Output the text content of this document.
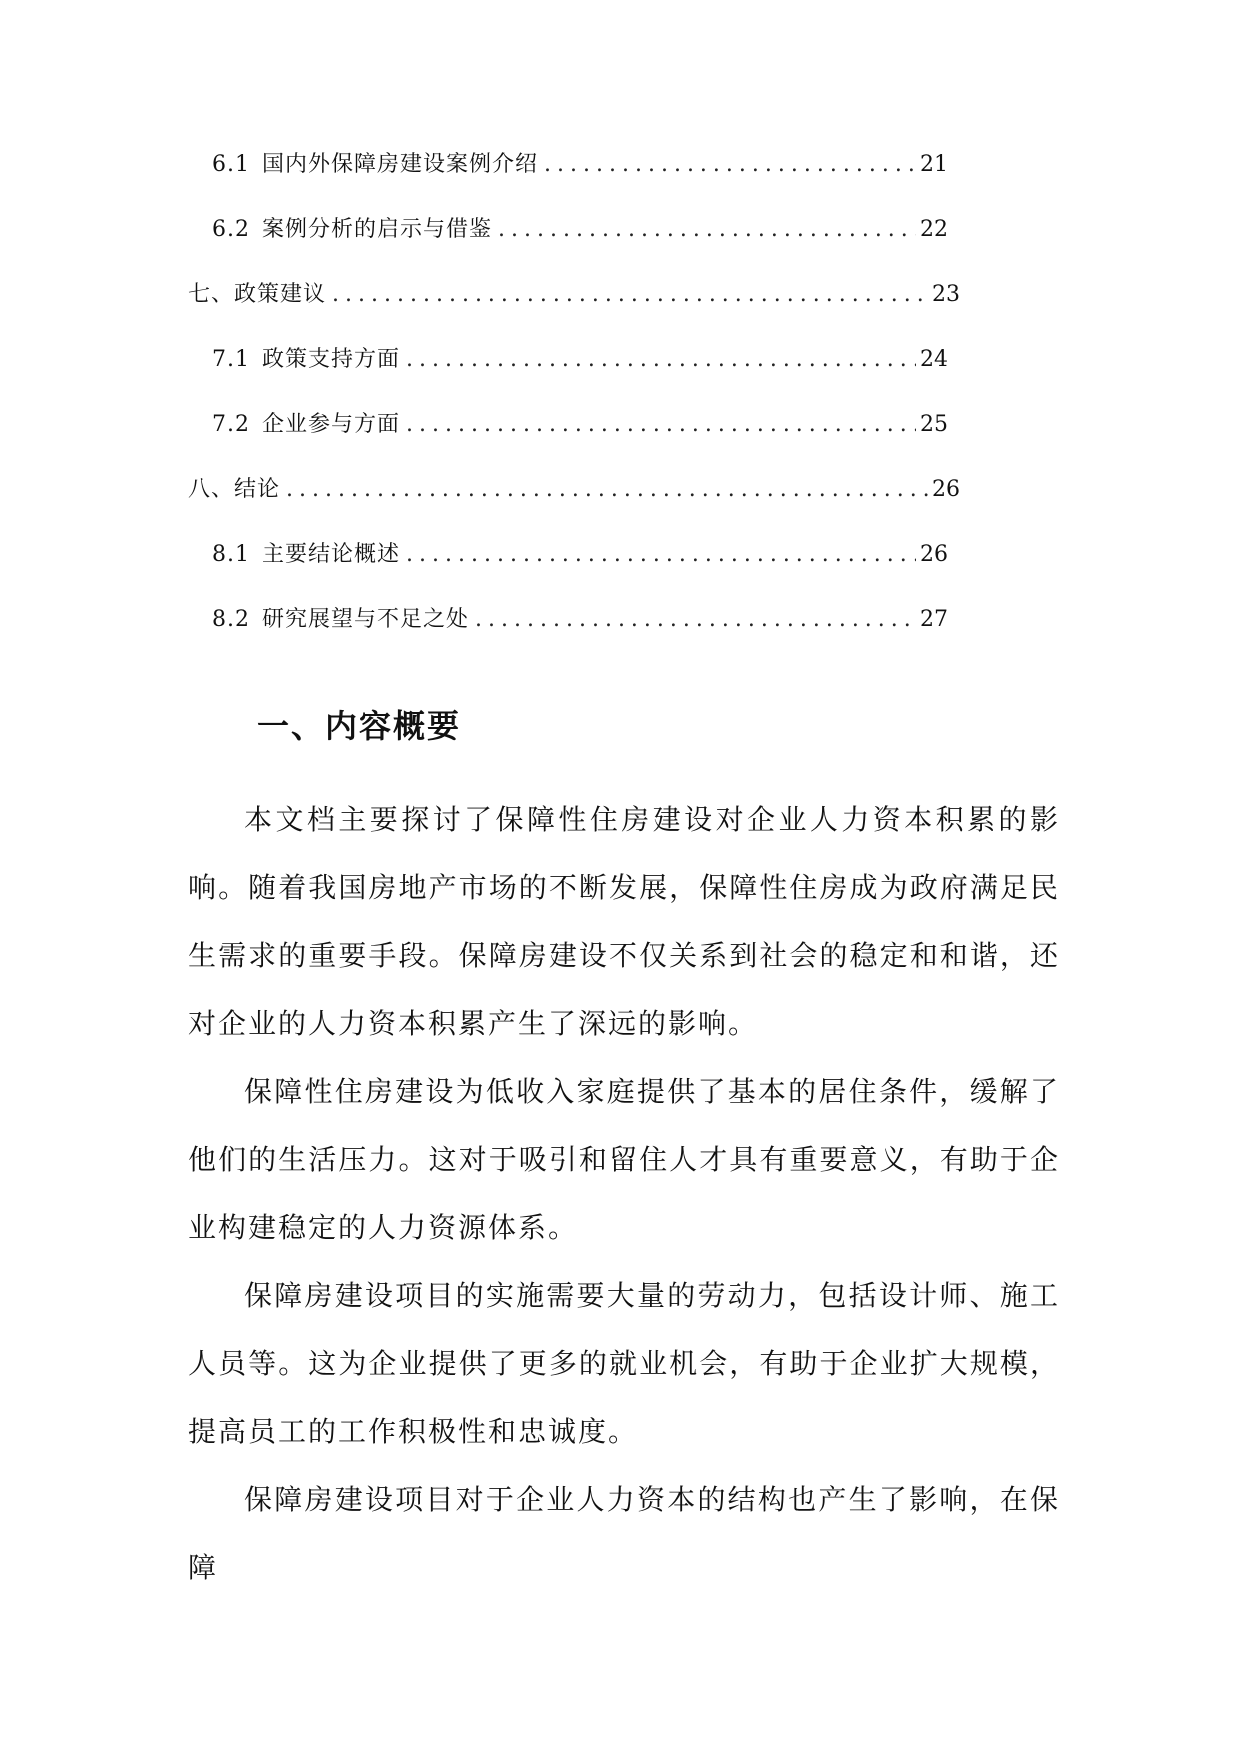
6.1 国内外保障房建设案例介绍 .....	21
6.2 案例分析的启示与借鉴 .....	22
七、政策建议 .....	23
7.1 政策支持方面 .....	24
7.2 企业参与方面 .....	25
八、结论 .....	26
8.1 主要结论概述 .....	26
8.2 研究展望与不足之处 .....	27
一、内容概要

本文档主要探讨了保障性住房建设对企业人力资本积累的影响。随着我国房地产市场的不断发展，保障性住房成为政府满足民生需求的重要手段。保障房建设不仅关系到社会的稳定和和谐，还对企业的人力资本积累产生了深远的影响。

保障性住房建设为低收入家庭提供了基本的居住条件，缓解了他们的生活压力。这对于吸引和留住人才具有重要意义，有助于企业构建稳定的人力资源体系。

保障房建设项目的实施需要大量的劳动力，包括设计师、施工人员等。这为企业提供了更多的就业机会，有助于企业扩大规模，提高员工的工作积极性和忠诚度。

保障房建设项目对于企业人力资本的结构也产生了影响，在保障
